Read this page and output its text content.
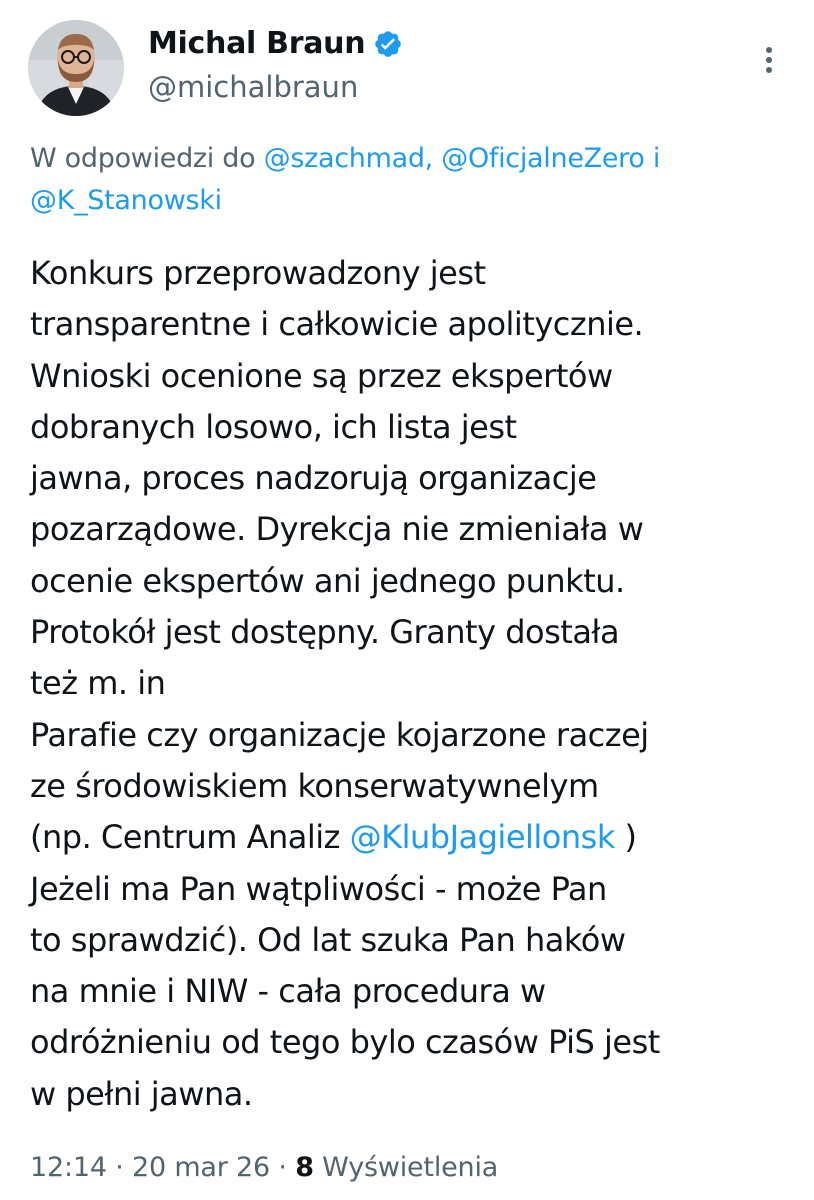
Michal Braun
@michalbraun
W odpowiedzi do @szachmad, @OficjalneZero i
@K_Stanowski
Konkurs przeprowadzony jest
transparentne i całkowicie apolitycznie.
Wnioski ocenione są przez ekspertów
dobranych losowo, ich lista jest
jawna, proces nadzorują organizacje
pozarządowe. Dyrekcja nie zmieniała w
ocenie ekspertów ani jednego punktu.
Protokół jest dostępny. Granty dostała
też m. in
Parafie czy organizacje kojarzone raczej
ze środowiskiem konserwatywnelym
(np. Centrum Analiz @KlubJagiellonsk )
Jeżeli ma Pan wątpliwości - może Pan
to sprawdzić). Od lat szuka Pan haków
na mnie i NIW - cała procedura w
odróżnieniu od tego bylo czasów PiS jest
w pełni jawna.
12:14 · 20 mar 26 · 8 Wyświetlenia
